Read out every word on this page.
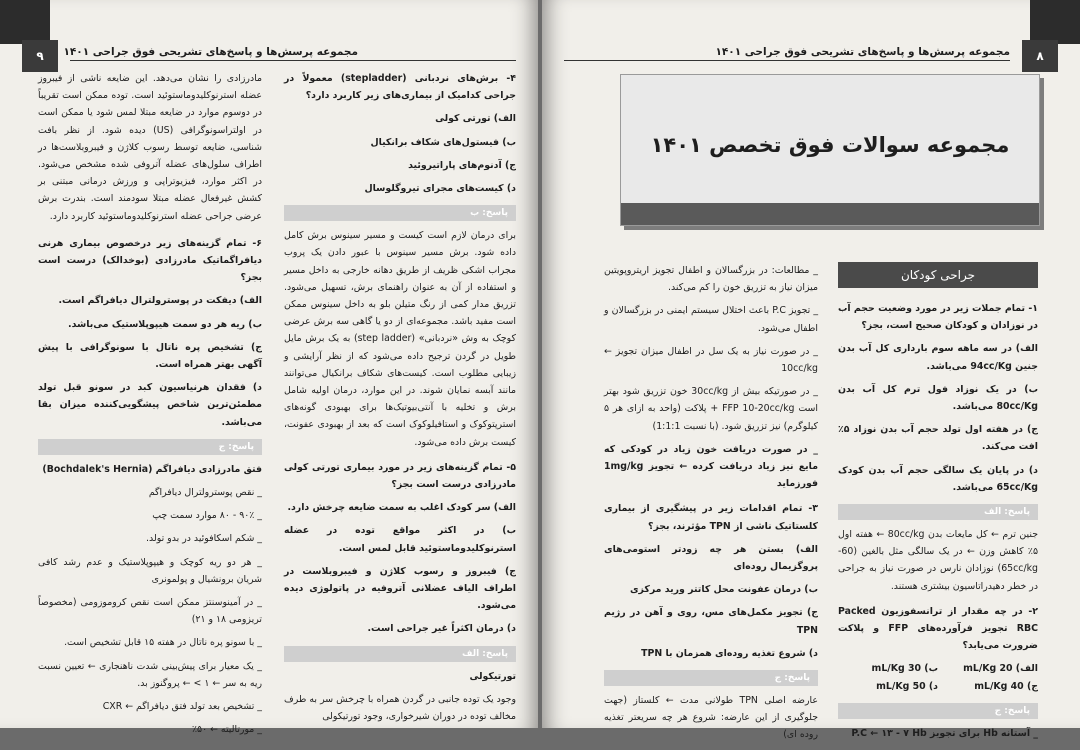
۹	مجموعه پرسش‌ها و پاسخ‌های تشریحی فوق جراحی ۱۴۰۱

۴- برش‌های نردبانی (stepladder) معمولاً در جراحی کدامیک از بیماری‌های زیر کاربرد دارد؟

الف) تورتی کولی

ب) فیستول‌های شکاف برانکیال

ج) آدنوم‌های پاراتیروئید

د) کیست‌های مجرای تیروگلوسال

پاسخ: ب

برای درمان لازم است کیست و مسیر سینوس برش کامل داده شود. برش مسیر سینوس با عبور دادن یک پروب مجراب اشکی ظریف از طریق دهانه خارجی به داخل مسیر و استفاده از آن به عنوان راهنمای برش، تسهیل می‌شود. تزریق مدار کمی از رنگ متیلن بلو به داخل سینوس ممکن است مفید باشد. مجموعه‌ای از دو یا گاهی سه برش عرضی کوچک به وش «نردبانی» (step ladder) به یک برش مایل طویل در گردن ترجیح داده می‌شود که از نظر آرایشی و زیبایی مطلوب است. کیست‌های شکاف برانکیال می‌توانند مانند آبسه نمایان شوند. در این موارد، درمان اولیه شامل برش و تخلیه با آنتی‌بیوتیک‌ها برای بهبودی گونه‌های استرپتوکوک و استافیلوکوک است که بعد از بهبودی عفونت، کیست برش داده می‌شود.

۵- تمام گزینه‌های زیر در مورد بیماری تورتی کولی مادرزادی درست است بجز؟

الف) سر کودک اغلب به سمت ضایعه چرخش دارد.

ب) در اکثر مواقع توده در عضله استرنوکلیدوماستوئید قابل لمس است.

ج) فیبروز و رسوب کلاژن و فیبروبلاست در اطراف الیاف عضلانی آتروفیه در پاتولوژی دیده می‌شود.

د) درمان اکثراً غیر جراحی است.

پاسخ: الف

تورتیکولی

وجود یک توده جانبی در گردن همراه با چرخش سر به طرف مخالف توده در دوران شیرخواری، وجود تورتیکولی

مادرزادی را نشان می‌دهد. این ضایعه ناشی از فیبروز عضله استرنوکلیدوماستوئید است. توده ممکن است تقریباً در دوسوم موارد در ضایعه مبتلا لمس شود یا ممکن است در اولتراسونوگرافی (US) دیده شود. از نظر بافت شناسی، ضایعه توسط رسوب کلاژن و فیبروبلاست‌ها در اطراف سلول‌های عضله آتروفی شده مشخص می‌شود. در اکثر موارد، فیزیوتراپی و ورزش درمانی مبتنی بر کشش غیرفعال عضله مبتلا سودمند است. بندرت برش عرضی جراحی عضله استرنوکلیدوماستوئید کاربرد دارد.

۶- تمام گزینه‌های زیر درخصوص بیماری هرنی دیافراگماتیک مادرزادی (بوخدالک) درست است بجز؟

الف) دیفکت در پوسترولترال دیافراگم است.

ب) ریه هر دو سمت هیپوپلاستیک می‌باشد.

ج) تشخیص پره ناتال با سونوگرافی با پیش آگهی بهتر همراه است.

د) فقدان هرنیاسیون کبد در سونو قبل تولد مطمئن‌ترین شاخص پیشگویی‌کننده میزان بقا می‌باشد.

پاسخ: ج

فتق مادرزادی دیافراگم (Bochdalek's Hernia)

_ نقص پوسترولترال دیافراگم

_ ۹۰٪ - ۸۰ موارد سمت چپ

_ شکم اسکافوئید در بدو تولد.

_ هر دو ریه کوچک و هیپوپلاستیک و عدم رشد کافی شریان برونشیال و پولمونری

_ در آمینوسنتز ممکن است نقص کروموزومی (مخصوصاً تریزومی ۱۸ و ۲۱)

_ با سونو پره ناتال در هفته ۱۵ قابل تشخیص است.

_ یک معیار برای پیش‌بینی شدت ناهنجاری ← تعیین نسبت ریه به سر ← ۱ > ← پروگنوز بد.

_ تشخیص بعد تولد فتق دیافراگم ← CXR

_ مورتالیته ← ۵۰٪

۸
مجموعه پرسش‌ها و پاسخ‌های تشریحی فوق جراحی ۱۴۰۱
مجموعه سوالات فوق تخصص ۱۴۰۱
جراحی کودکان

۱- تمام جملات زیر در مورد وضعیت حجم آب در نوزادان و کودکان صحیح است، بجز؟

الف) در سه ماهه سوم بارداری کل آب بدن جنین 94cc/Kg می‌باشد.

ب) در یک نوزاد فول ترم کل آب بدن 80cc/Kg می‌باشد.

ج) در هفته اول تولد حجم آب بدن نوزاد ۵٪ افت می‌کند.

د) در پایان یک سالگی حجم آب بدن کودک 65cc/Kg می‌باشد.

پاسخ: الف

جنین ترم ← کل مایعات بدن 80cc/kg ← هفته اول ۵٪ کاهش وزن ← در یک سالگی مثل بالغین (60-65cc/kg) نوزادان نارس در صورت نیاز به جراحی در خطر دهیدراتاسیون بیشتری هستند.

۲- در چه مقدار از ترانسفوزیون Packed RBC تجویز فرآورده‌های FFP و پلاکت ضرورت می‌یابد؟

الف) 20 mL/Kg
ب) 30 mL/Kg
ج) 40 mL/Kg
د) 50 mL/Kg
پاسخ: ج

_ آستانه Hb برای تجویز P.C ← ۱۳ - ۷ Hb

_ مطالعات: در بزرگسالان و اطفال تجویز اریتروپویتین میزان نیاز به تزریق خون را کم می‌کند.

_ تجویز P.C باعث اختلال سیستم ایمنی در بزرگسالان و اطفال می‌شود.

_ در صورت نیاز به یک سل در اطفال میزان تجویز ← 10cc/kg

_ در صورتیکه بیش از 30cc/kg خون تزریق شود بهتر است FFP 10-20cc/kg + پلاکت (واحد به ازای هر ۵ کیلوگرم) نیز تزریق شود. (با نسبت 1:1:1)

_ در صورت دریافت خون زیاد در کودکی که مایع نیز زیاد دریافت کرده ← تجویز 1mg/kg فورزماید

۳- تمام اقدامات زیر در پیشگیری از بیماری کلستاتیک ناشی از TPN مؤثرند، بجز؟

الف) بستن هر چه زودتر استومی‌های پروگزیمال روده‌ای

ب) درمان عفونت محل کاتتر ورید مرکزی

ج) تجویز مکمل‌های مس، روی و آهن در رژیم TPN

د) شروع تغذیه روده‌ای همزمان با TPN

پاسخ: ج

عارضه اصلی TPN طولانی مدت ← کلستاز (جهت جلوگیری از این عارضه: شروع هر چه سریعتر تغذیه روده ای)
